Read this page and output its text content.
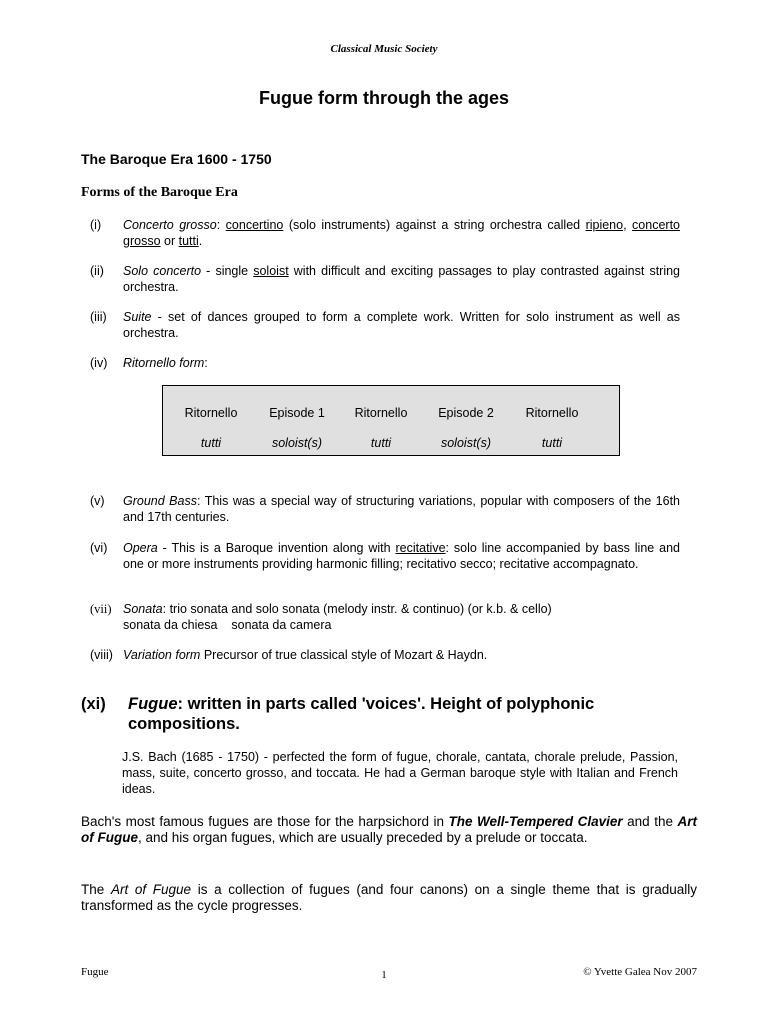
Classical Music Society
Fugue form through the ages
The Baroque Era 1600 - 1750
Forms of the Baroque Era
(i)	Concerto grosso: concertino (solo instruments) against a string orchestra called ripieno, concerto grosso or tutti.
(ii)	Solo concerto - single soloist with difficult and exciting passages to play contrasted against string orchestra.
(iii)	Suite - set of dances grouped to form a complete work. Written for solo instrument as well as orchestra.
(iv)	Ritornello form:
Ritornello	Episode 1	Ritornello	Episode 2	Ritornello
tutti	soloist(s)	tutti	soloist(s)	tutti
(v)	Ground Bass: This was a special way of structuring variations, popular with composers of the 16th and 17th centuries.
(vi)	Opera - This is a Baroque invention along with recitative: solo line accompanied by bass line and one or more instruments providing harmonic filling; recitativo secco; recitative accompagnato.
(vii) Sonata: trio sonata and solo sonata (melody instr. & continuo) (or k.b. & cello)
sonata da chiesa    sonata da camera
(viii) Variation form Precursor of true classical style of Mozart & Haydn.
(xi) Fugue: written in parts called 'voices'. Height of polyphonic compositions.
J.S. Bach (1685 - 1750) - perfected the form of fugue, chorale, cantata, chorale prelude, Passion, mass, suite, concerto grosso, and toccata. He had a German baroque style with Italian and French ideas.
Bach's most famous fugues are those for the harpsichord in The Well-Tempered Clavier and the Art of Fugue, and his organ fugues, which are usually preceded by a prelude or toccata.
The Art of Fugue is a collection of fugues (and four canons) on a single theme that is gradually transformed as the cycle progresses.
Fugue	1	© Yvette Galea Nov 2007
